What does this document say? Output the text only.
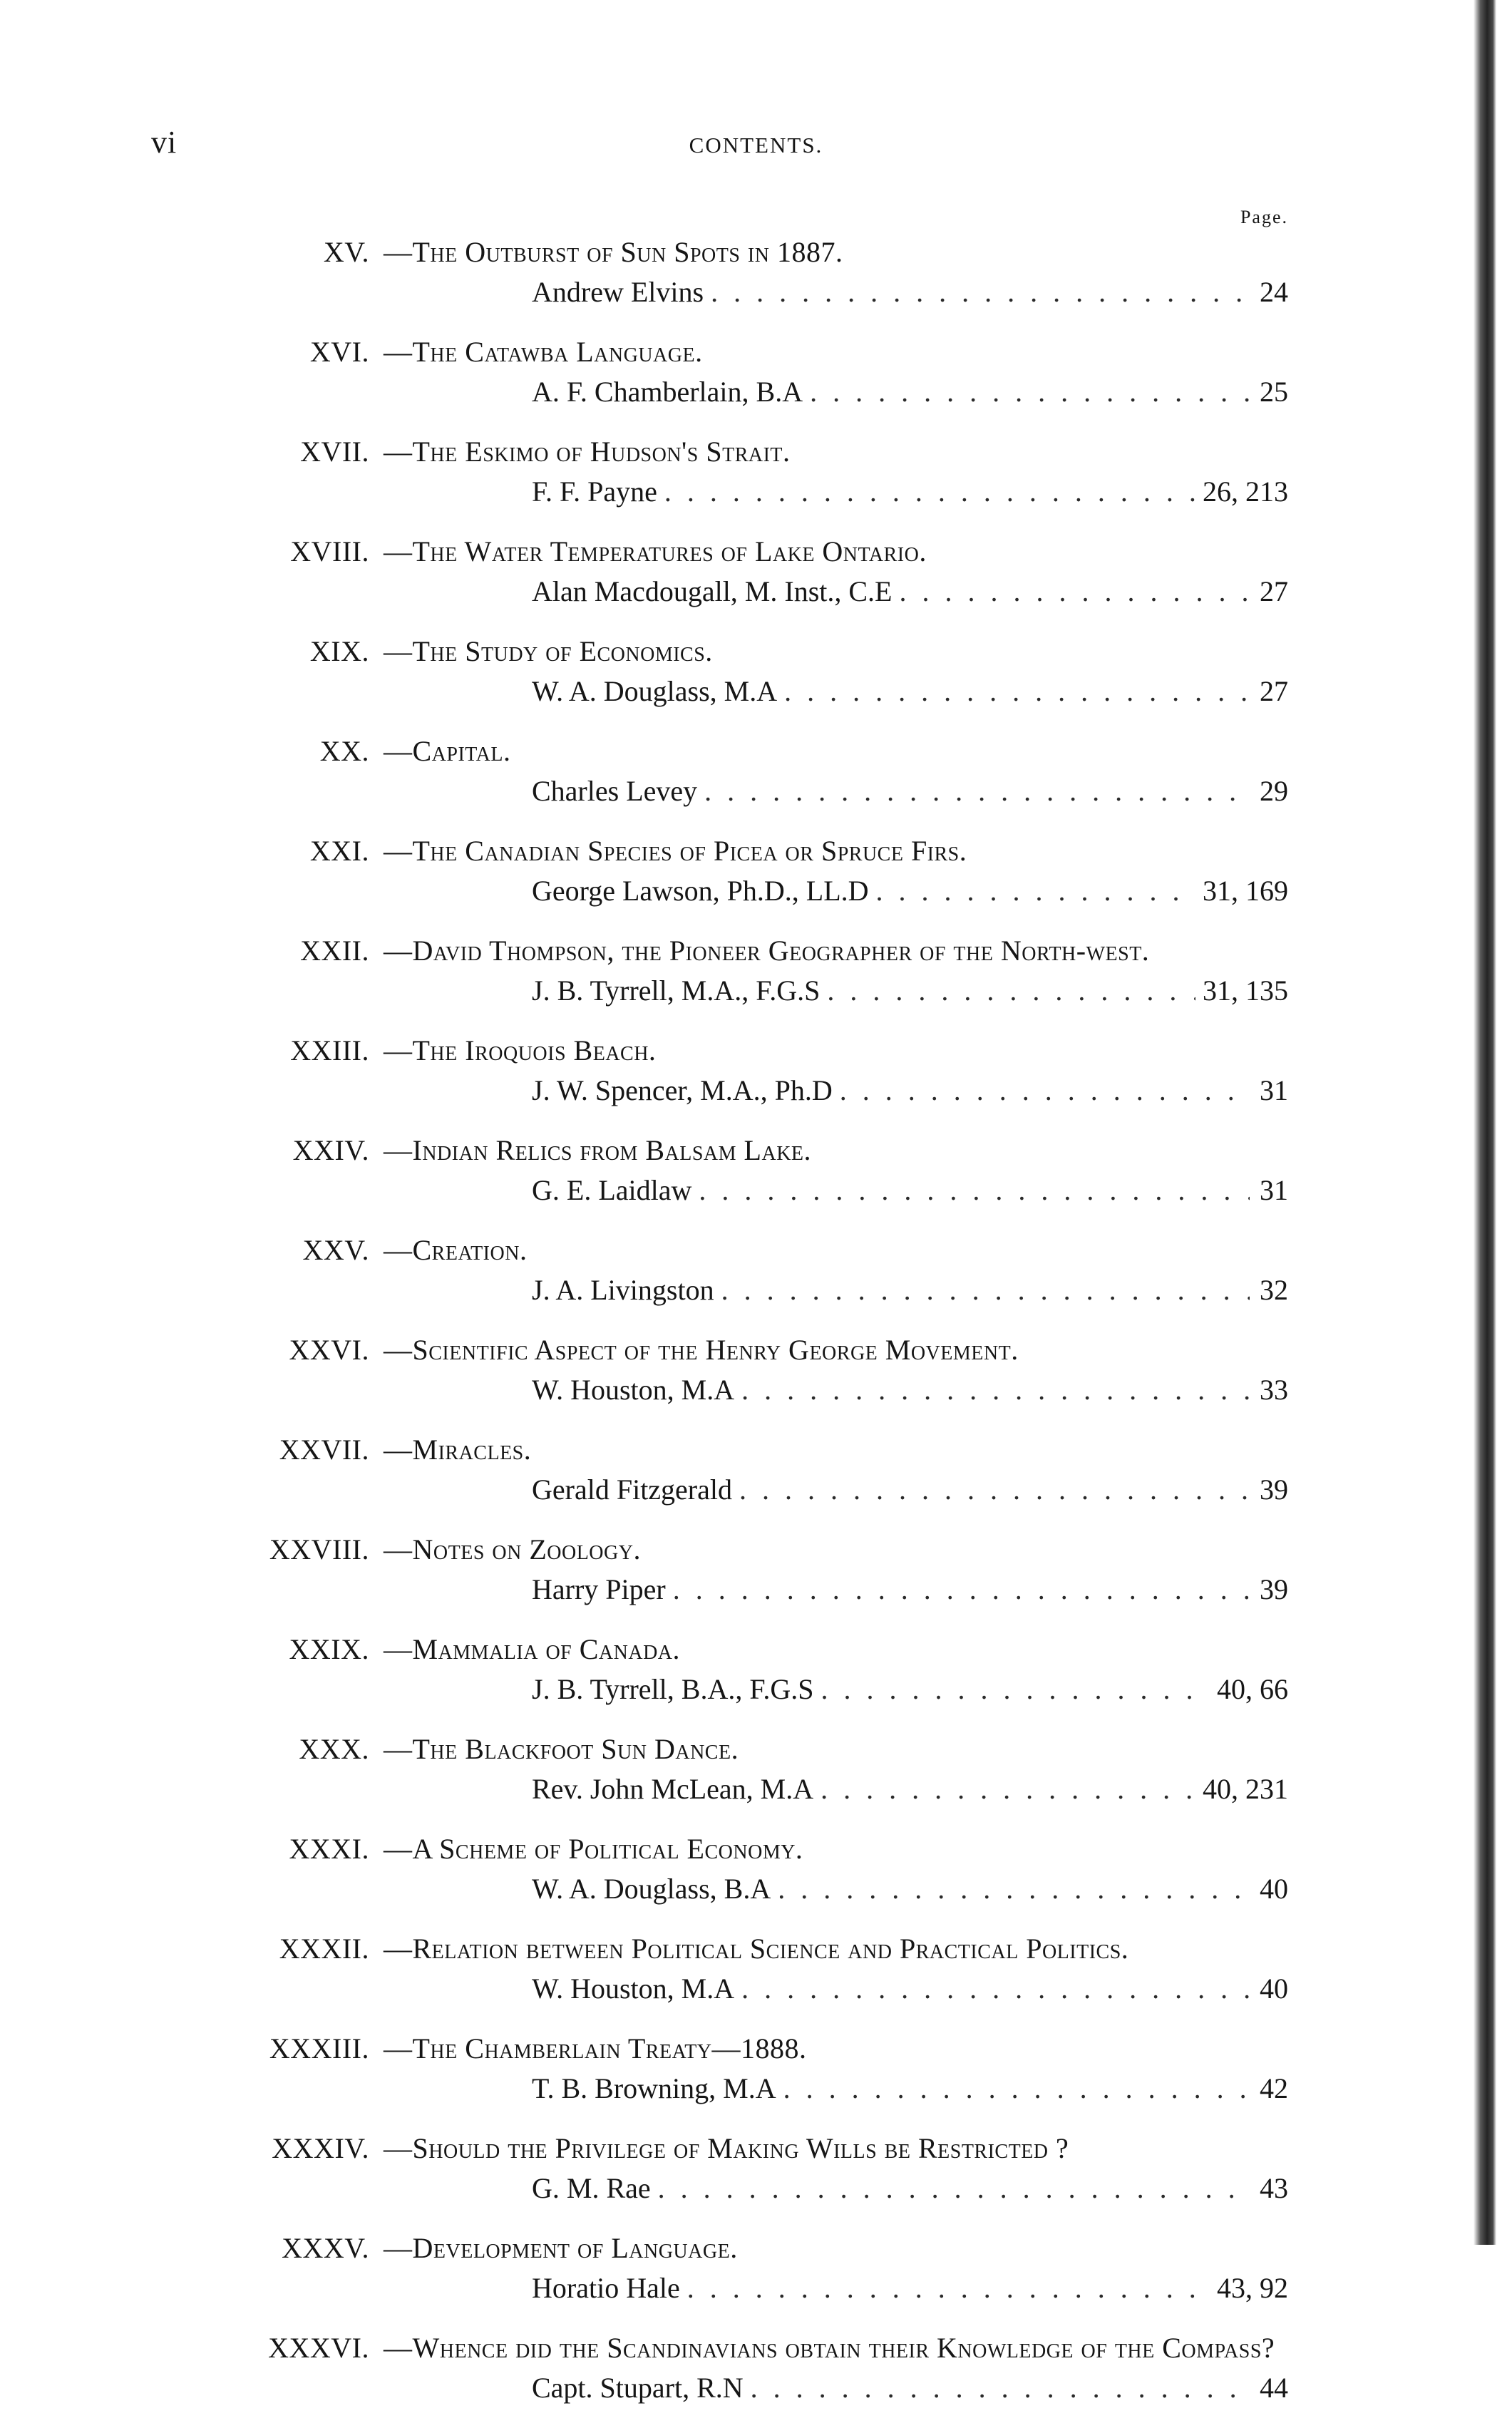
vi	CONTENTS.
Page.
XV. —The Outburst of Sun Spots in 1887.
Andrew Elvins . . .	24
XVI. —The Catawba Language.
A. F. Chamberlain, B.A . . .	25
XVII. —The Eskimo of Hudson's Strait.
F. F. Payne . . .	26, 213
XVIII. —The Water Temperatures of Lake Ontario.
Alan Macdougall, M. Inst., C.E . . .	27
XIX. —The Study of Economics.
W. A. Douglass, M.A . . .	27
XX. —Capital.
Charles Levey . . .	29
XXI. —The Canadian Species of Picea or Spruce Firs.
George Lawson, Ph.D., LL.D . . .	31, 169
XXII. —David Thompson, the Pioneer Geographer of the North-west.
J. B. Tyrrell, M.A., F.G.S . . .	31, 135
XXIII. —The Iroquois Beach.
J. W. Spencer, M.A., Ph.D . . .	31
XXIV. —Indian Relics from Balsam Lake.
G. E. Laidlaw . . .	31
XXV. —Creation.
J. A. Livingston . . .	32
XXVI. —Scientific Aspect of the Henry George Movement.
W. Houston, M.A . . .	33
XXVII. —Miracles.
Gerald Fitzgerald . . .	39
XXVIII. —Notes on Zoology.
Harry Piper . . .	39
XXIX. —Mammalia of Canada.
J. B. Tyrrell, B.A., F.G.S . . .	40, 66
XXX. —The Blackfoot Sun Dance.
Rev. John McLean, M.A . . .	40, 231
XXXI. —A Scheme of Political Economy.
W. A. Douglass, B.A . . .	40
XXXII. —Relation between Political Science and Practical Politics.
W. Houston, M.A . . .	40
XXXIII. —The Chamberlain Treaty—1888.
T. B. Browning, M.A . . .	42
XXXIV. —Should the Privilege of Making Wills be Restricted ?
G. M. Rae . . .	43
XXXV. —Development of Language.
Horatio Hale . . .	43, 92
XXXVI. —Whence did the Scandinavians obtain their Knowledge of the Compass?
Capt. Stupart, R.N . . .	44
